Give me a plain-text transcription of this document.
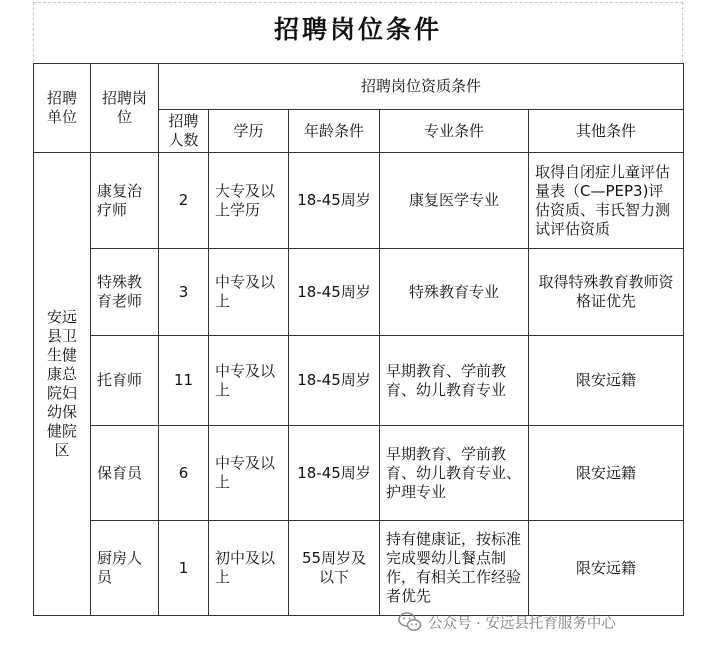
招聘岗位条件
招聘单位	招聘岗位	招聘岗位资质条件				
		招聘人数	学历	年龄条件	专业条件	其他条件
安远县卫生健康总院妇幼保健院区	康复治疗师	2	大专及以上学历	18-45周岁	康复医学专业	取得自闭症儿童评估量表（C—PEP3)评估资质、韦氏智力测试评估资质
	特殊教育老师	3	中专及以上	18-45周岁	特殊教育专业	取得特殊教育教师资格证优先
	托育师	11	中专及以上	18-45周岁	早期教育、学前教育、幼儿教育专业	限安远籍
	保育员	6	中专及以上	18-45周岁	早期教育、学前教育、幼儿教育专业、护理专业	限安远籍
	厨房人员	1	初中及以上	55周岁及以下	持有健康证，按标准完成婴幼儿餐点制作，有相关工作经验者优先	限安远籍
公众号 · 安远县托育服务中心
